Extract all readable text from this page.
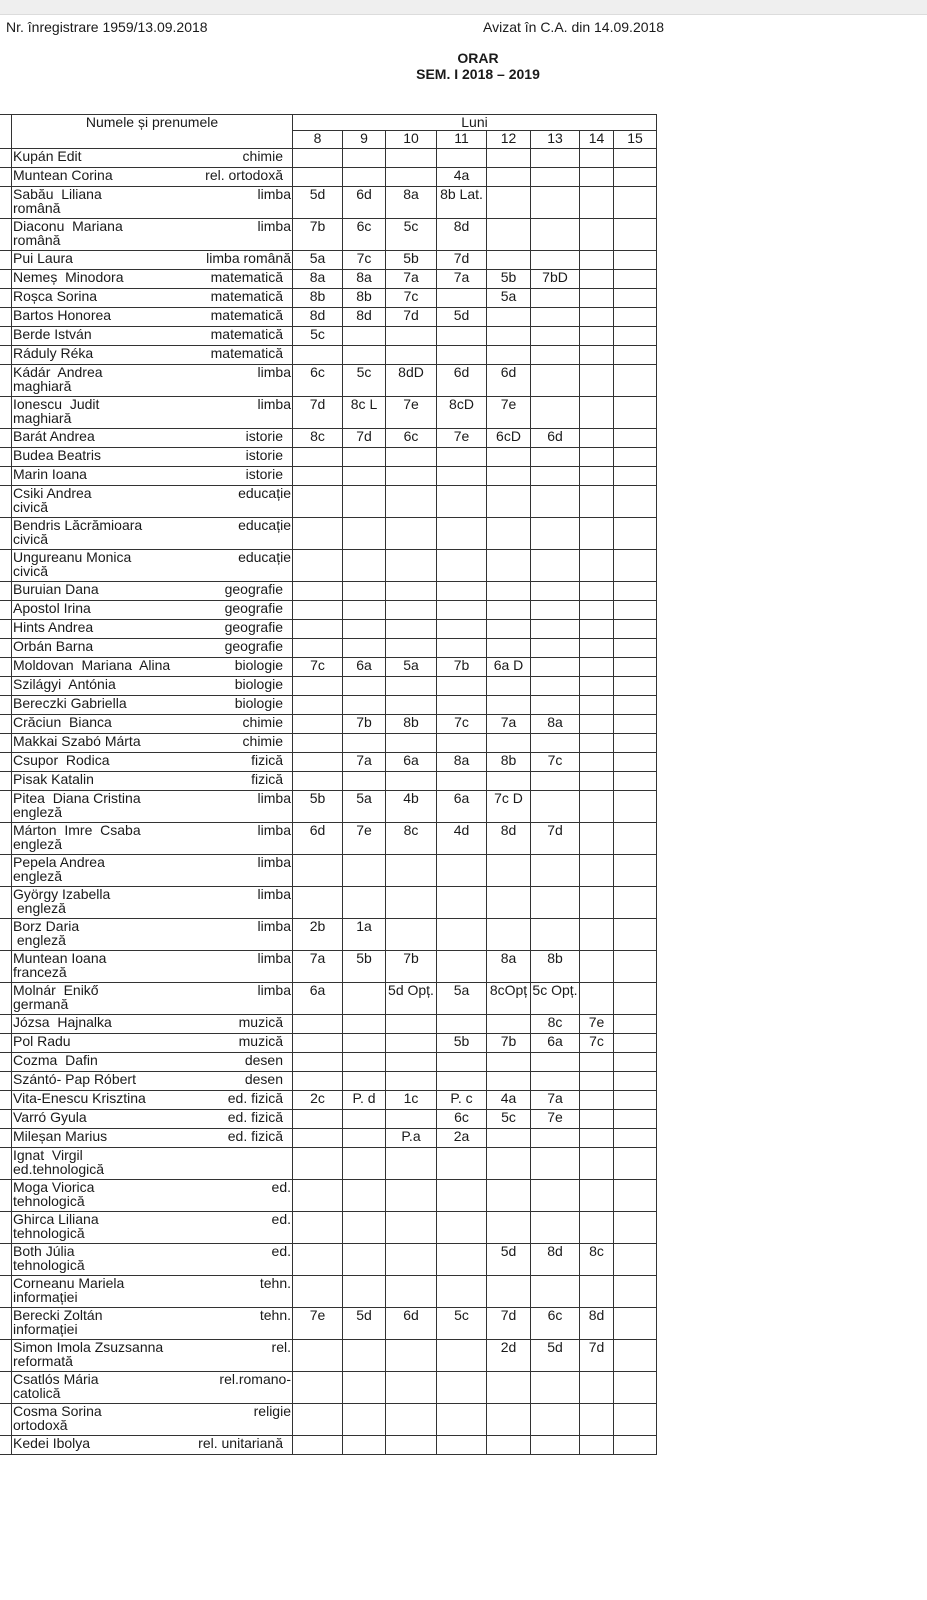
Nr. înregistrare 1959/13.09.2018	Avizat în C.A. din 14.09.2018
ORAR
SEM. I 2018 – 2019
	Numele și prenumele	Luni							
		8	9	10	11	12	13	14	15

	Kupán Edit chimie								

	Muntean Corina rel. ortodoxă				4a				

	Sabău  Liliana limba
română	5d	6d	8a	8b Lat.				

	Diaconu  Mariana limba
română	7b	6c	5c	8d				

	Pui Laura limba română	5a	7c	5b	7d				

	Nemeș  Minodora matematică	8a	8a	7a	7a	5b	7bD		

	Roșca Sorina matematică	8b	8b	7c		5a			

	Bartos Honorea matematică	8d	8d	7d	5d				

	Berde István matematică	5c							

	Ráduly Réka matematică								

	Kádár  Andrea limba
maghiară	6c	5c	8dD	6d	6d			

	Ionescu  Judit limba
maghiară	7d	8c L	7e	8cD	7e			

	Barát Andrea istorie	8c	7d	6c	7e	6cD	6d		

	Budea Beatris istorie								

	Marin Ioana istorie								

	Csiki Andrea educație
civică								

	Bendris Lăcrămioara educație
civică								

	Ungureanu Monica educație
civică								

	Buruian Dana geografie								

	Apostol Irina geografie								

	Hints Andrea geografie								

	Orbán Barna geografie								

	Moldovan  Mariana  Alina biologie	7c	6a	5a	7b	6a D			

	Szilágyi  Antónia biologie								

	Bereczki Gabriella biologie								

	Crăciun  Bianca chimie		7b	8b	7c	7a	8a		

	Makkai Szabó Márta chimie								

	Csupor  Rodica fizică		7a	6a	8a	8b	7c		

	Pisak Katalin fizică								

	Pitea  Diana Cristina limba
engleză	5b	5a	4b	6a	7c D			

	Márton  Imre  Csaba limba
engleză	6d	7e	8c	4d	8d	7d		

	Pepela Andrea limba
engleză								

	György Izabella limba
engleză								

	Borz Daria limba
engleză	2b	1a						

	Muntean Ioana limba
franceză	7a	5b	7b		8a	8b		

	Molnár  Enikő limba
germană	6a		5d Opț.	5a	8cOpț	5c Opț.		

	Józsa  Hajnalka muzică						8c	7e	

	Pol Radu muzică				5b	7b	6a	7c	

	Cozma  Dafin desen								

	Szántó- Pap Róbert desen								

	Vita-Enescu Krisztina ed. fizică	2c	P. d	1c	P. c	4a	7a		

	Varró Gyula ed. fizică				6c	5c	7e		

	Mileșan Marius ed. fizică			P.a	2a				

	Ignat  Virgil
ed.tehnologică								

	Moga Viorica ed.
tehnologică								

	Ghirca Liliana ed.
tehnologică								

	Both Júlia ed.
tehnologică					5d	8d	8c	

	Corneanu Mariela tehn.
informației								

	Berecki Zoltán tehn.
informației	7e	5d	6d	5c	7d	6c	8d	

	Simon Imola Zsuzsanna rel.
reformată					2d	5d	7d	

	Csatlós Mária rel.romano-
catolică								

	Cosma Sorina religie
ortodoxă								

	Kedei Ibolya rel. unitariană								
